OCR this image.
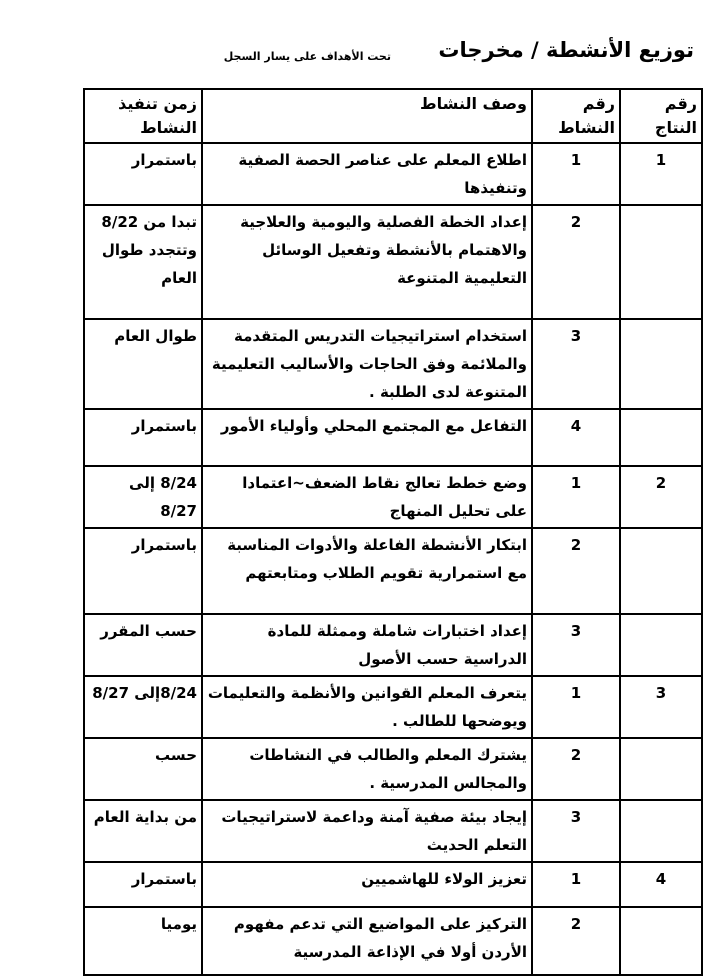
توزيع الأنشطة / مخرجات
تحت الأهداف على يسار السجل
رقم النتاج	رقم النشاط	وصف النشاط	زمن تنفيذ النشاط
1	1	اطلاع المعلم على عناصر الحصة الصفية وتنفيذها	باستمرار
	2	إعداد الخطة الفصلية واليومية والعلاجية والاهتمام بالأنشطة وتفعيل الوسائل التعليمية المتنوعة	تبدا من 8/22 وتتجدد طوال العام
	3	استخدام استراتيجيات التدريس المتقدمة والملائمة وفق الحاجات والأساليب التعليمية المتنوعة لدى الطلبة .	طوال العام
	4	التفاعل مع المجتمع المحلي وأولياء الأمور	باستمرار
2	1	وضع خطط تعالج نقاط الضعف~اعتمادا على تحليل المنهاج	8/24 إلى 8/27
	2	ابتكار الأنشطة الفاعلة والأدوات المناسبة مع استمرارية تقويم الطلاب ومتابعتهم	باستمرار
	3	إعداد اختبارات شاملة وممثلة للمادة الدراسية حسب الأصول	حسب المقرر
3	1	يتعرف المعلم القوانين والأنظمة والتعليمات ويوضحها للطالب .	8/24إلى 8/27
	2	يشترك المعلم والطالب في النشاطات والمجالس المدرسية .	حسب
	3	إيجاد بيئة صفية آمنة وداعمة لاستراتيجيات التعلم الحديث	من بداية العام
4	1	تعزيز الولاء للهاشميين	باستمرار
	2	التركيز على المواضيع التي تدعم مفهوم الأردن أولا في الإذاعة المدرسية	يوميا
